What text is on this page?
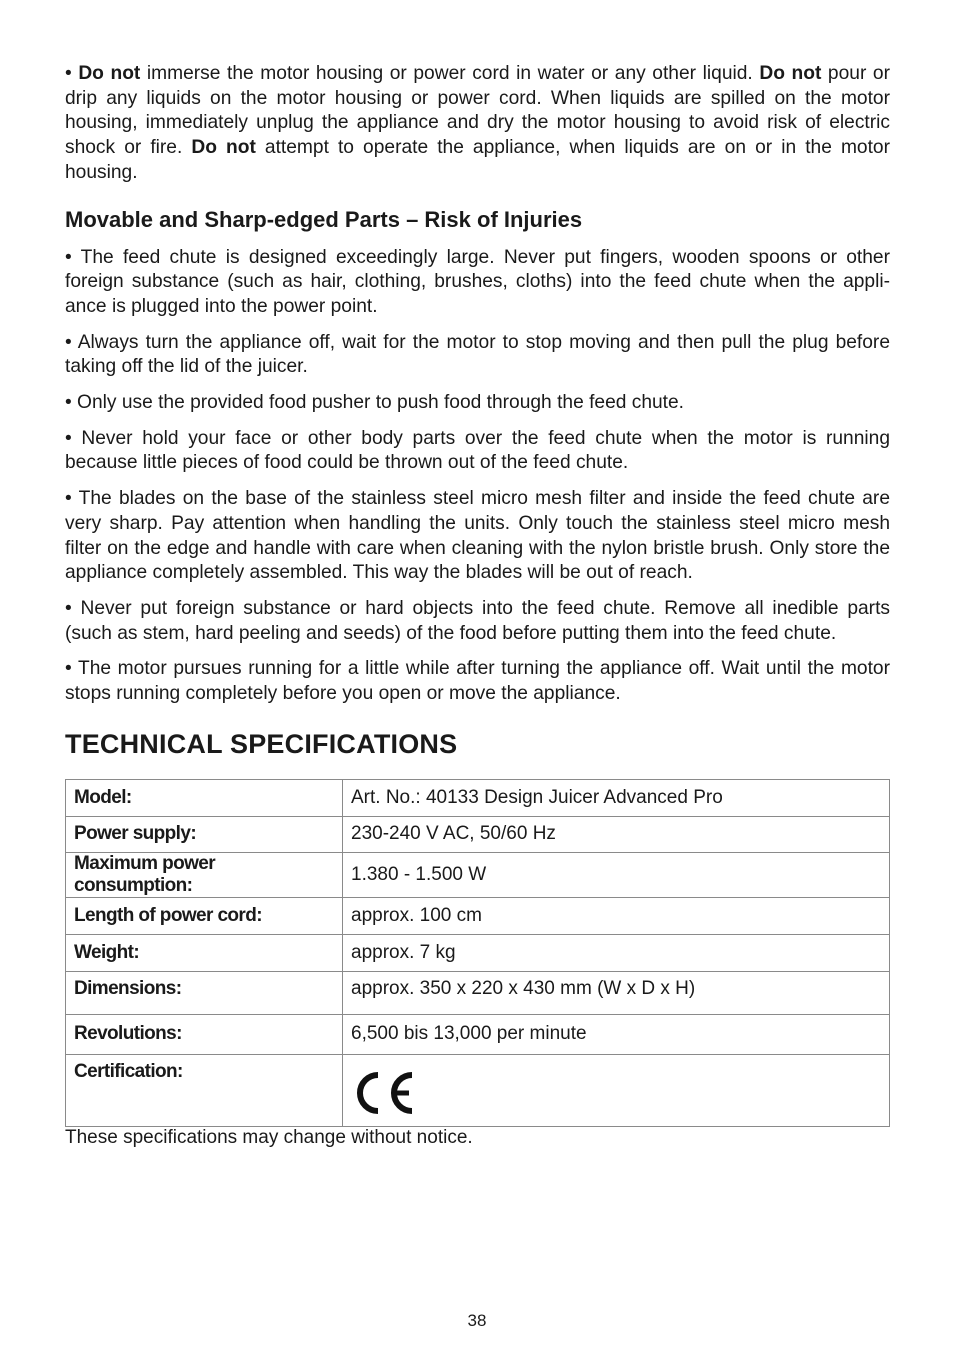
• Do not immerse the motor housing or power cord in water or any other liquid. Do not pour or drip any liquids on the motor housing or power cord. When liquids are spilled on the motor housing, immediately unplug the appliance and dry the motor housing to avoid risk of electric shock or fire. Do not attempt to operate the appliance, when liquids are on or in the motor housing.

Movable and Sharp-edged Parts – Risk of Injuries

• The feed chute is designed exceedingly large. Never put fingers, wooden spoons or other foreign substance (such as hair, clothing, brushes, cloths) into the feed chute when the appli-ance is plugged into the power point.

• Always turn the appliance off, wait for the motor to stop moving and then pull the plug before taking off the lid of the juicer.

• Only use the provided food pusher to push food through the feed chute.

• Never hold your face or other body parts over the feed chute when the motor is running because little pieces of food could be thrown out of the feed chute.

• The blades on the base of the stainless steel micro mesh filter and inside the feed chute are very sharp. Pay attention when handling the units. Only touch the stainless steel micro mesh filter on the edge and handle with care when cleaning with the nylon bristle brush. Only store the appliance completely assembled. This way the blades will be out of reach.

• Never put foreign substance or hard objects into the feed chute. Remove all inedible parts (such as stem, hard peeling and seeds) of the food before putting them into the feed chute.

• The motor pursues running for a little while after turning the appliance off. Wait until the motor stops running completely before you open or move the appliance.

TECHNICAL SPECIFICATIONS
Model:	Art. No.: 40133 Design Juicer Advanced Pro
Power supply:	230-240 V AC, 50/60 Hz
Maximum power consumption:	1.380 - 1.500 W
Length of power cord:	approx. 100 cm
Weight:	approx. 7 kg
Dimensions:	approx. 350 x 220 x 430 mm (W x D x H)
Revolutions:	6,500 bis 13,000 per minute
Certification:	
These specifications may change without notice.
38
